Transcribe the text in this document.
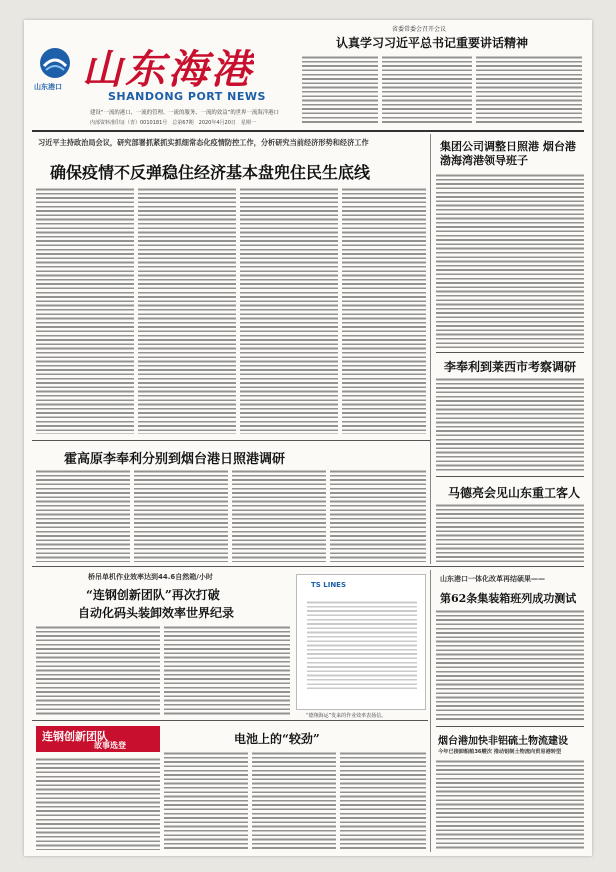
山东港口 山东海港
SHANDONG PORT NEWS
建设“一流的港口、一流的管理、一流的服务、一流的效益”的世界一流海洋港口
内部资料准印证（青）0010181号　总第67期　2020年4月20日　星期一
省委常委会召开会议
认真学习习近平总书记重要讲话精神
习近平主持政治局会议，研究部署抓紧抓实抓细常态化疫情防控工作，分析研究当前经济形势和经济工作
确保疫情不反弹稳住经济基本盘兜住民生底线
集团公司调整日照港 烟台港渤海湾港领导班子
李奉利到莱西市考察调研
马德亮会见山东重工客人
霍高原李奉利分别到烟台港日照港调研
桥吊单机作业效率达到44.6自然箱/小时
“连钢创新团队”再次打破
自动化码头装卸效率世界纪录
TS LINES
“德翔海运”发来的作业效率表扬信。
山东港口一体化改革再结硕果——
第62条集装箱班列成功测试
烟台港加快非铝硫土物流建设
今年已接卸船舶36艘次 推动铝制土物流向贸易港转型
连钢创新团队
故事选登	电池上的“较劲”
